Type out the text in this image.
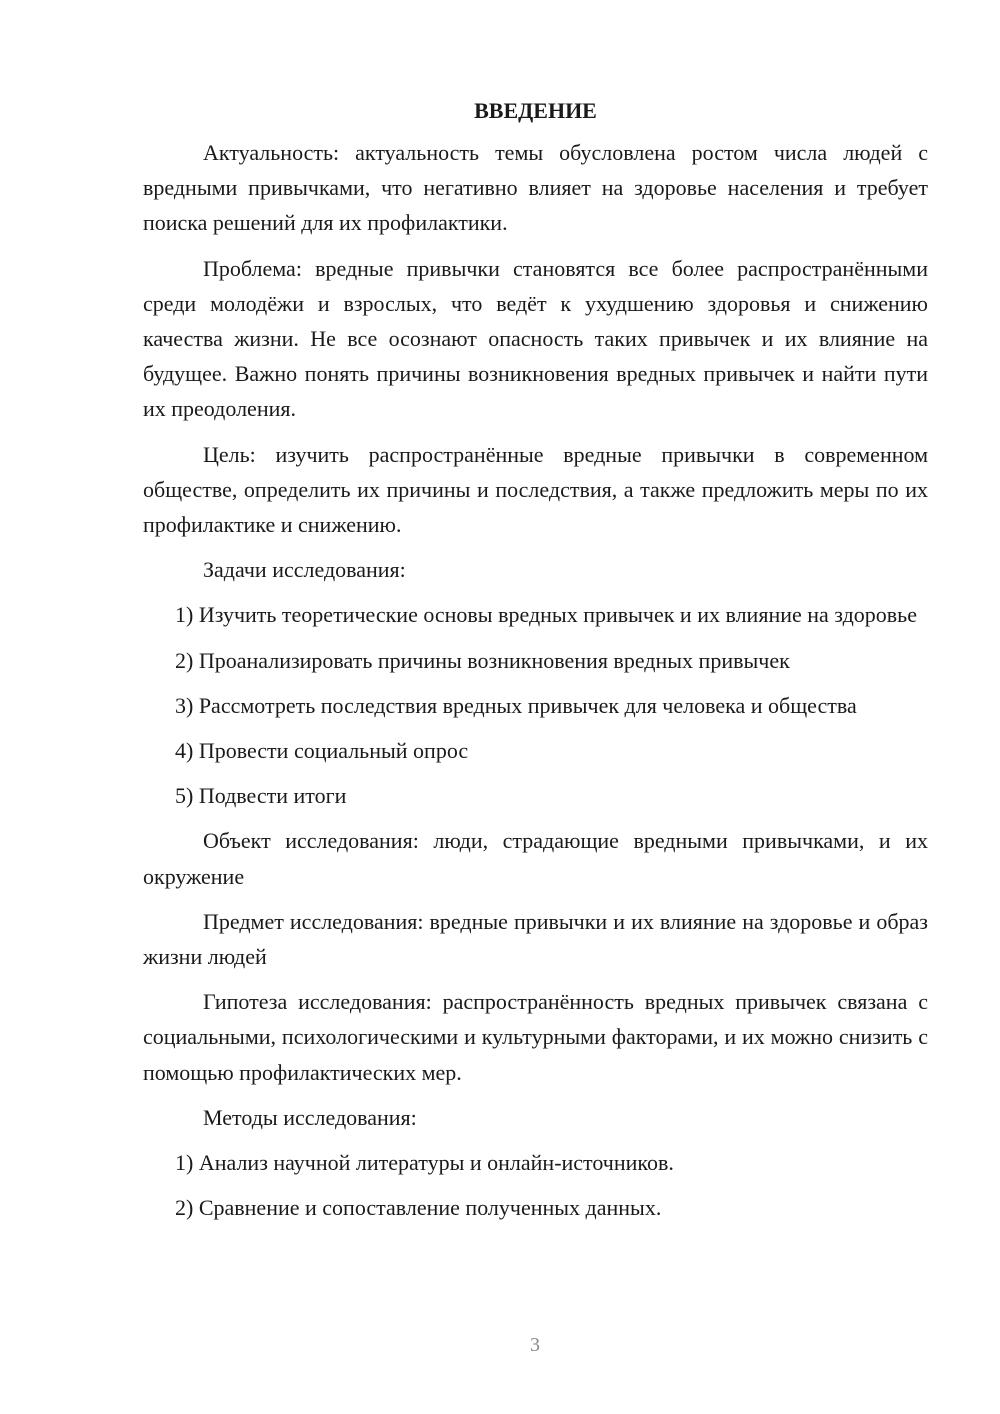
ВВЕДЕНИЕ

Актуальность: актуальность темы обусловлена ростом числа людей с вредными привычками, что негативно влияет на здоровье населения и требует поиска решений для их профилактики.

Проблема: вредные привычки становятся все более распространёнными среди молодёжи и взрослых, что ведёт к ухудшению здоровья и снижению качества жизни. Не все осознают опасность таких привычек и их влияние на будущее. Важно понять причины возникновения вредных привычек и найти пути их преодоления.

Цель: изучить распространённые вредные привычки в современном обществе, определить их причины и последствия, а также предложить меры по их профилактике и снижению.

Задачи исследования:

1) Изучить теоретические основы вредных привычек и их влияние на здоровье

2) Проанализировать причины возникновения вредных привычек

3) Рассмотреть последствия вредных привычек для человека и общества

4) Провести социальный опрос

5) Подвести итоги

Объект исследования: люди, страдающие вредными привычками, и их окружение

Предмет исследования: вредные привычки и их влияние на здоровье и образ жизни людей

Гипотеза исследования: распространённость вредных привычек связана с социальными, психологическими и культурными факторами, и их можно снизить с помощью профилактических мер.

Методы исследования:

1) Анализ научной литературы и онлайн-источников.

2) Сравнение и сопоставление полученных данных.

3
